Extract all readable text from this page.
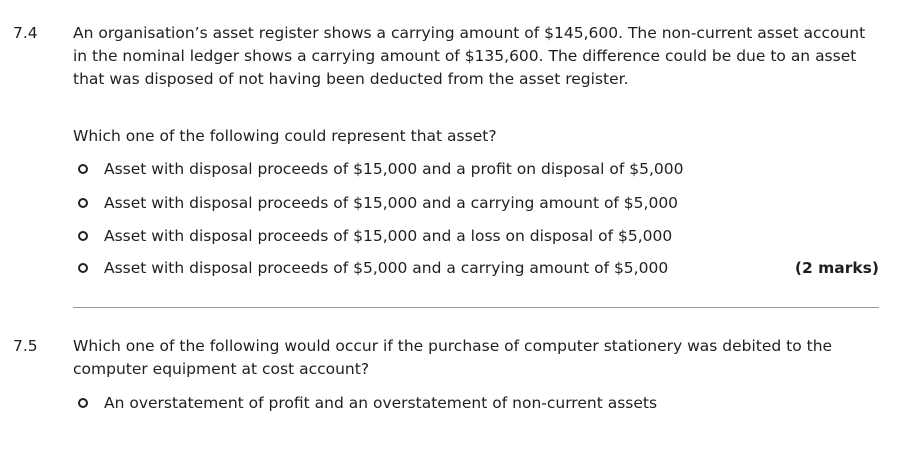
7.4 An organisation’s asset register shows a carrying amount of $145,600. The non-current asset account in the nominal ledger shows a carrying amount of $135,600. The difference could be due to an asset that was disposed of not having been deducted from the asset register.
Which one of the following could represent that asset?
Asset with disposal proceeds of $15,000 and a profit on disposal of $5,000
Asset with disposal proceeds of $15,000 and a carrying amount of $5,000
Asset with disposal proceeds of $15,000 and a loss on disposal of $5,000
Asset with disposal proceeds of $5,000 and a carrying amount of $5,000	(2 marks)
7.5 Which one of the following would occur if the purchase of computer stationery was debited to the computer equipment at cost account?
An overstatement of profit and an overstatement of non-current assets
